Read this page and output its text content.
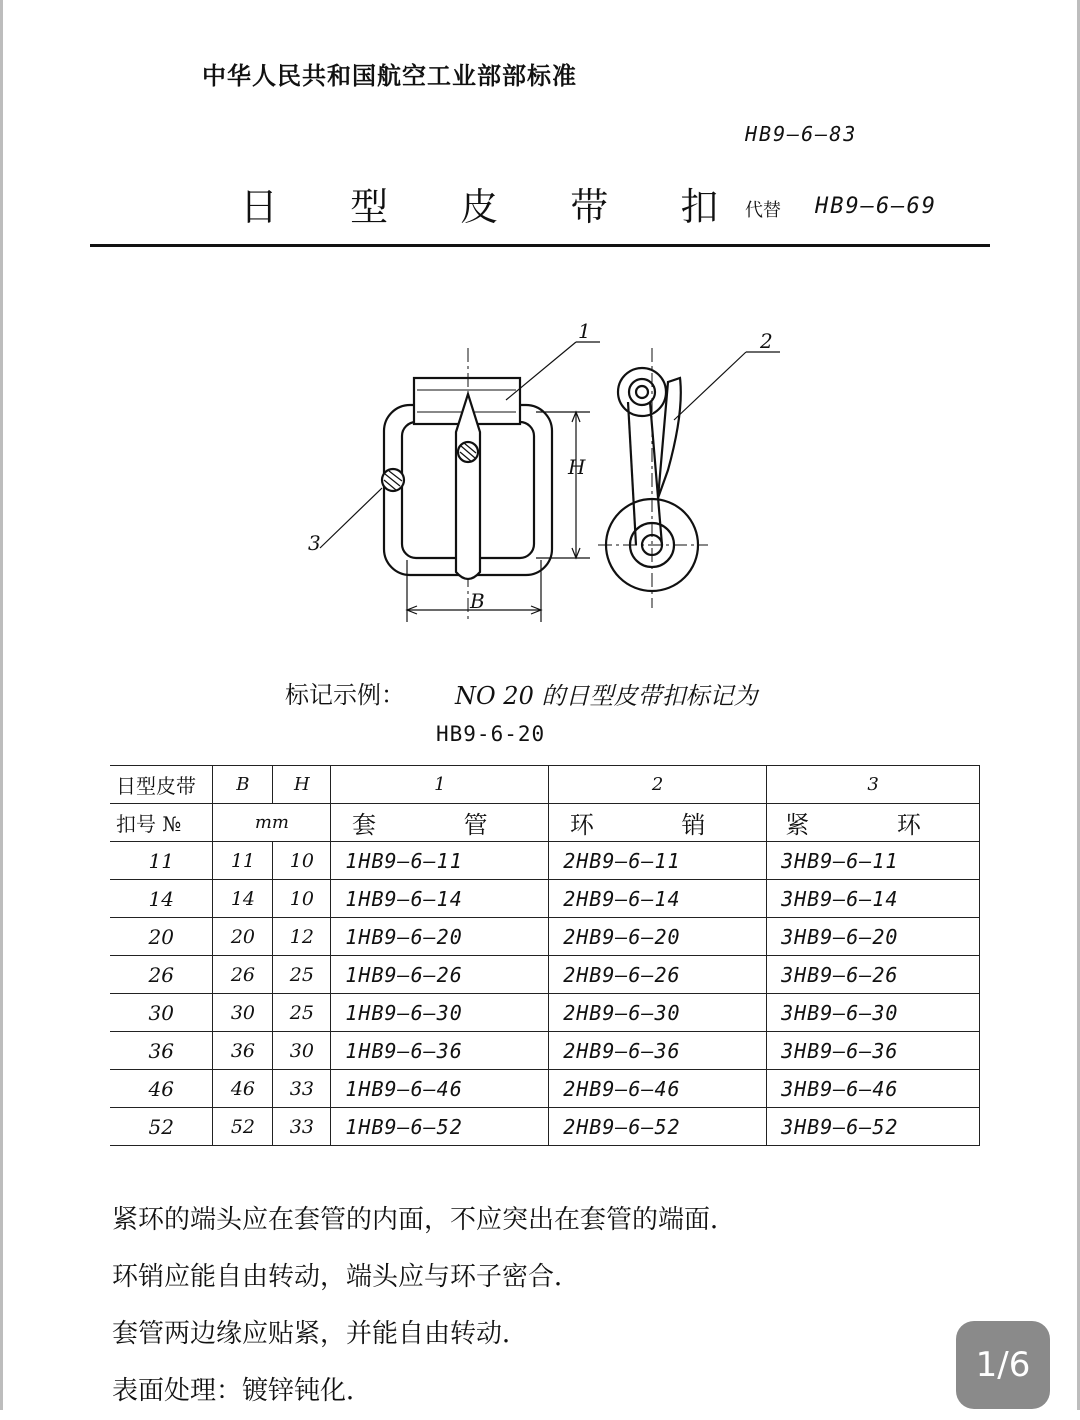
中华人民共和国航空工业部部标准
HB9—6—83
日 型 皮 带 扣
代替 HB9—6—69
1	2
3
H
B
标记示例： NO 20 的日型皮带扣标记为
HB9-6-20
日型皮带	B	H	1	2	3
扣号 №	mm		套 管	环 销	紧 环
11	11	10	1HB9—6—11	2HB9—6—11	3HB9—6—11
14	14	10	1HB9—6—14	2HB9—6—14	3HB9—6—14
20	20	12	1HB9—6—20	2HB9—6—20	3HB9—6—20
26	26	25	1HB9—6—26	2HB9—6—26	3HB9—6—26
30	30	25	1HB9—6—30	2HB9—6—30	3HB9—6—30
36	36	30	1HB9—6—36	2HB9—6—36	3HB9—6—36
46	46	33	1HB9—6—46	2HB9—6—46	3HB9—6—46
52	52	33	1HB9—6—52	2HB9—6—52	3HB9—6—52
紧环的端头应在套管的内面，不应突出在套管的端面．
环销应能自由转动，端头应与环子密合．
套管两边缘应贴紧，并能自由转动．
表面处理：镀锌钝化．
1/6
